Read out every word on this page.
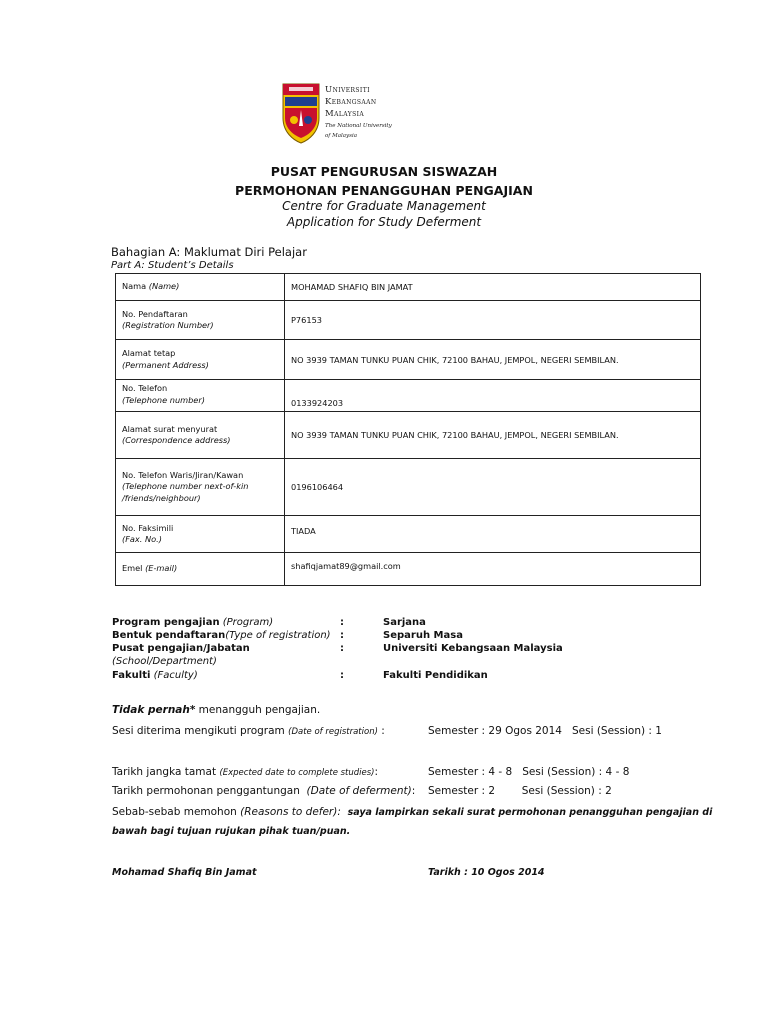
Universiti
Kebangsaan
Malaysia
The National University
of Malaysia
PUSAT PENGURUSAN SISWAZAH
PERMOHONAN PENANGGUHAN PENGAJIAN
Centre for Graduate Management
Application for Study Deferment
Bahagian A: Maklumat Diri Pelajar
Part A: Student’s Details
Nama (Name)	MOHAMAD SHAFIQ BIN JAMAT

No. Pendaftaran
(Registration Number)	P76153

Alamat tetap
(Permanent Address)	NO 3939 TAMAN TUNKU PUAN CHIK, 72100 BAHAU, JEMPOL, NEGERI SEMBILAN.

No. Telefon
(Telephone number)	0133924203

Alamat surat menyurat
(Correspondence address)	NO 3939 TAMAN TUNKU PUAN CHIK, 72100 BAHAU, JEMPOL, NEGERI SEMBILAN.

No. Telefon Waris/Jiran/Kawan
(Telephone number next-of-kin
/friends/neighbour)	0196106464

No. Faksimili
(Fax. No.)	TIADA
Emel (E-mail)	shafiqjamat89@gmail.com
Program pengajian (Program)	:	Sarjana
Bentuk pendaftaran(Type of registration) :	Separuh Masa
Pusat pengajian/Jabatan
(School/Department)
:	Universiti Kebangsaan Malaysia
Fakulti (Faculty)	:	Fakulti Pendidikan
Tidak pernah* menangguh pengajian.
Sesi diterima mengikuti program (Date of registration) :	Semester : 29 Ogos 2014   Sesi (Session) : 1
Tarikh jangka tamat (Expected date to complete studies):	Semester : 4 - 8   Sesi (Session) : 4 - 8
Tarikh permohonan penggantungan  (Date of deferment): Semester : 2        Sesi (Session) : 2
Sebab-sebab memohon (Reasons to defer): saya lampirkan sekali surat permohonan penangguhan pengajian di
bawah bagi tujuan rujukan pihak tuan/puan.
Mohamad Shafiq Bin Jamat	Tarikh : 10 Ogos 2014
